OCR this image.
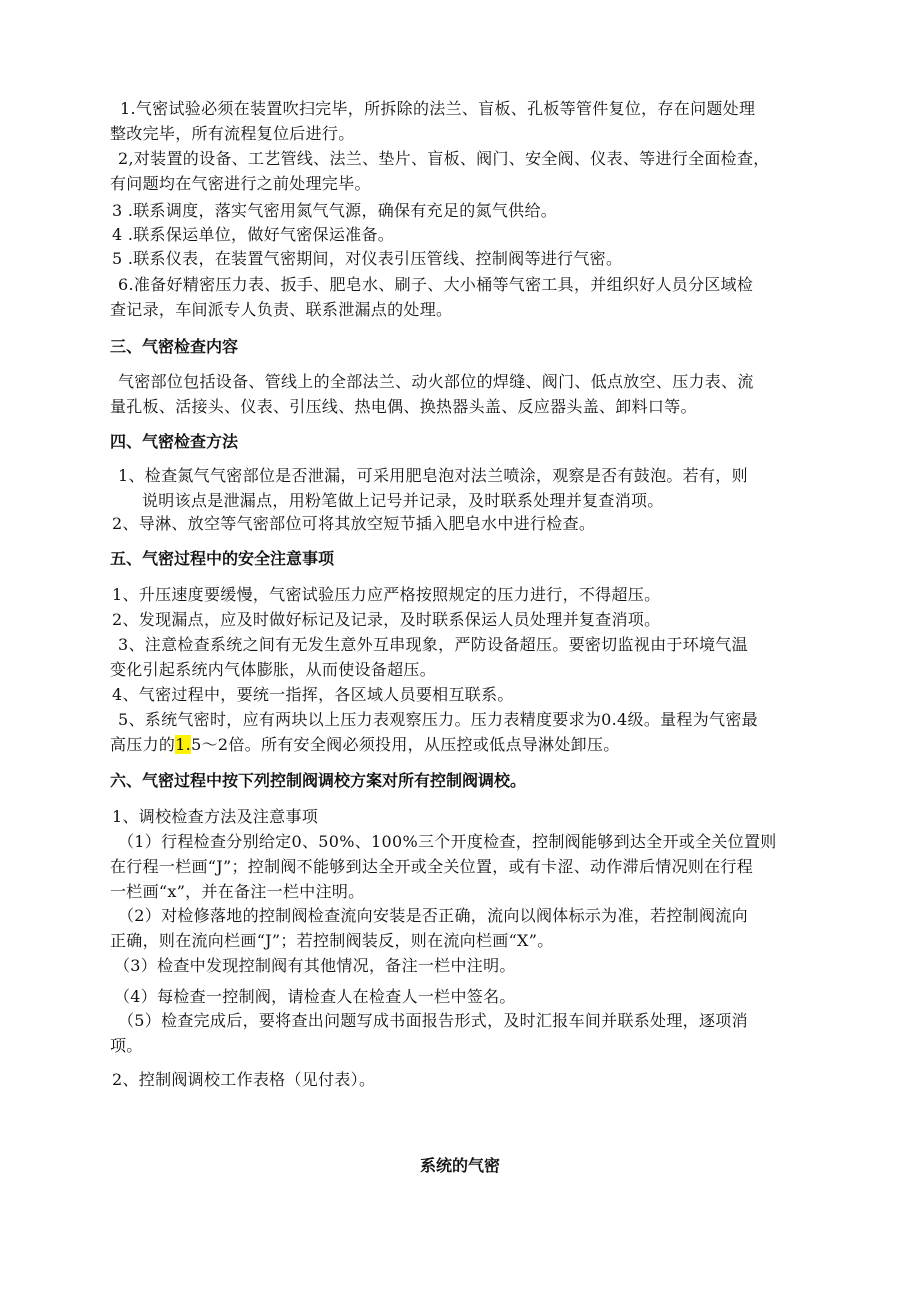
1.气密试验必须在装置吹扫完毕，所拆除的法兰、盲板、孔板等管件复位，存在问题处理
整改完毕，所有流程复位后进行。
2,对装置的设备、工艺管线、法兰、垫片、盲板、阀门、安全阀、仪表、等进行全面检查，
有问题均在气密进行之前处理完毕。
3 .联系调度，落实气密用氮气气源，确保有充足的氮气供给。
4 .联系保运单位，做好气密保运准备。
5 .联系仪表，在装置气密期间，对仪表引压管线、控制阀等进行气密。
6.准备好精密压力表、扳手、肥皂水、刷子、大小桶等气密工具，并组织好人员分区域检
查记录，车间派专人负责、联系泄漏点的处理。
三、气密检查内容
气密部位包括设备、管线上的全部法兰、动火部位的焊缝、阀门、低点放空、压力表、流
量孔板、活接头、仪表、引压线、热电偶、换热器头盖、反应器头盖、卸料口等。
四、气密检查方法
1、检查氮气气密部位是否泄漏，可采用肥皂泡对法兰喷涂，观察是否有鼓泡。若有，则
说明该点是泄漏点，用粉笔做上记号并记录，及时联系处理并复查消项。
2、导淋、放空等气密部位可将其放空短节插入肥皂水中进行检查。
五、气密过程中的安全注意事项
1、升压速度要缓慢，气密试验压力应严格按照规定的压力进行，不得超压。
2、发现漏点，应及时做好标记及记录，及时联系保运人员处理并复查消项。
3、注意检查系统之间有无发生意外互串现象，严防设备超压。要密切监视由于环境气温
变化引起系统内气体膨胀，从而使设备超压。
4、气密过程中，要统一指挥，各区域人员要相互联系。
5、系统气密时，应有两块以上压力表观察压力。压力表精度要求为0.4级。量程为气密最
高压力的1.5～2倍。所有安全阀必须投用，从压控或低点导淋处卸压。
六、气密过程中按下列控制阀调校方案对所有控制阀调校。
1、调校检查方法及注意事项
（1）行程检查分别给定0、50%、100%三个开度检查，控制阀能够到达全开或全关位置则
在行程一栏画“J”；控制阀不能够到达全开或全关位置，或有卡涩、动作滞后情况则在行程
一栏画“x”，并在备注一栏中注明。
（2）对检修落地的控制阀检查流向安装是否正确，流向以阀体标示为准，若控制阀流向
正确，则在流向栏画“J”；若控制阀装反，则在流向栏画“X”。
（3）检查中发现控制阀有其他情况，备注一栏中注明。
（4）每检查一控制阀，请检查人在检查人一栏中签名。
（5）检查完成后，要将查出问题写成书面报告形式，及时汇报车间并联系处理，逐项消
项。
2、控制阀调校工作表格（见付表）。
系统的气密
